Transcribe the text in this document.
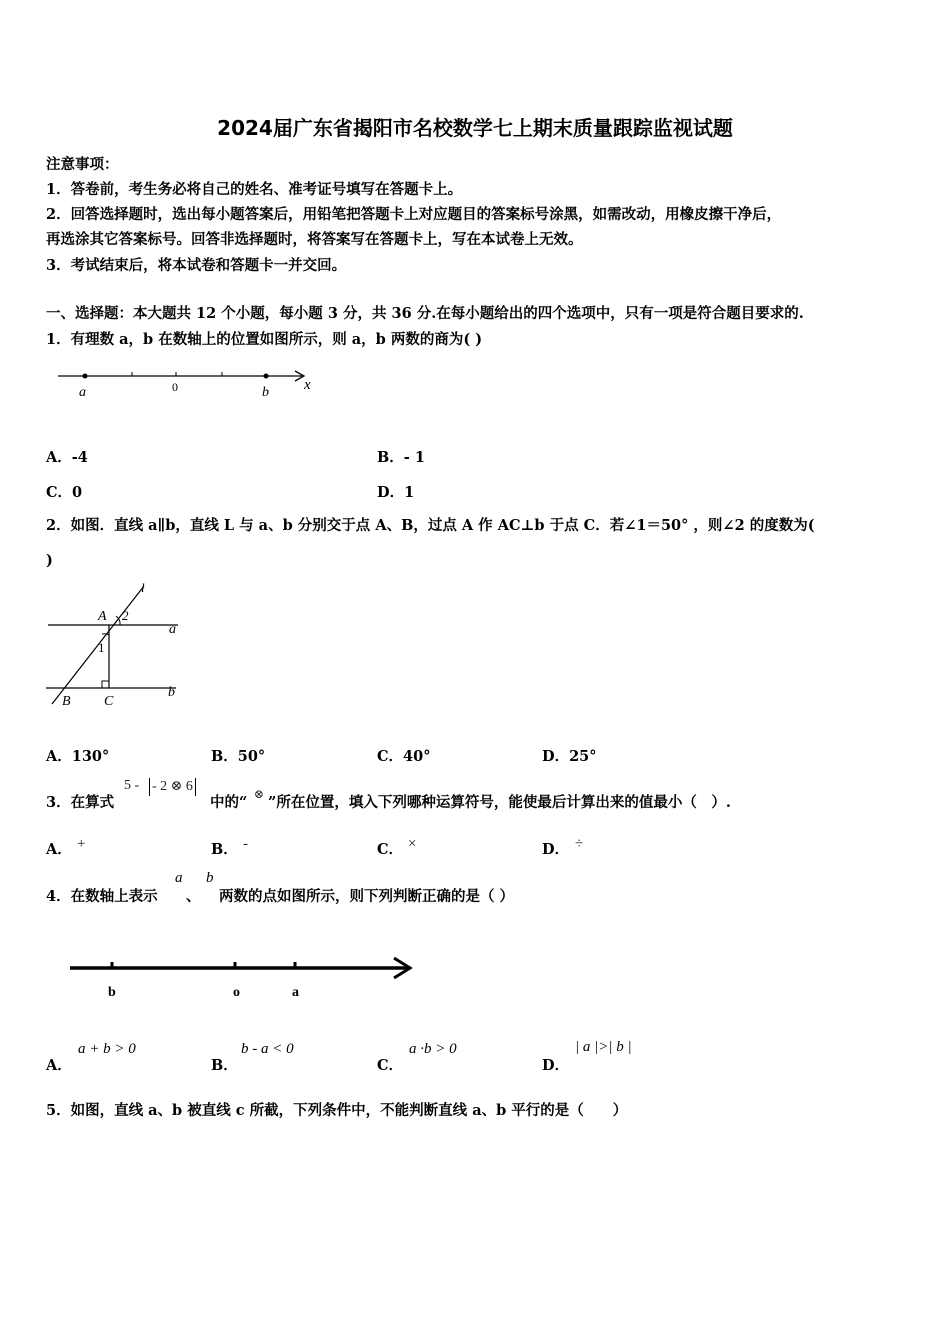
2024届广东省揭阳市名校数学七上期末质量跟踪监视试题
注意事项：
1．答卷前，考生务必将自己的姓名、准考证号填写在答题卡上。
2．回答选择题时，选出每小题答案后，用铅笔把答题卡上对应题目的答案标号涂黑，如需改动，用橡皮擦干净后，
再选涂其它答案标号。回答非选择题时，将答案写在答题卡上，写在本试卷上无效。
3．考试结束后，将本试卷和答题卡一并交回。
一、选择题：本大题共 12 个小题，每小题 3 分，共 36 分.在每小题给出的四个选项中，只有一项是符合题目要求的.
1．有理数 a，b 在数轴上的位置如图所示，则 a，b 两数的商为( )
a	0	b x
A．-4	B．- 1
C．0	D．1
2．如图．直线 a∥b，直线 L 与 a、b 分别交于点 A、B，过点 A 作 AC⊥b 于点 C．若∠1＝50° ，则∠2 的度数为(
)
l
A 2
a
1
B C
b
A．130°	B．50°	C．40°	D．25°
3．在算式
5 - - 2 ⊗ 6
中的“ ⊗ ”所在位置，填入下列哪种运算符号，能使最后计算出来的值最小（　）.
A． +	B． -	C． ×	D． ÷
4．在数轴上表示
a
、
b
两数的点如图所示，则下列判断正确的是（ ）
b	o	a
A．
a + b > 0
B．
b - a < 0
C．
a ·b > 0
D．
| a |>| b |
5．如图，直线 a、b 被直线 c 所截，下列条件中，不能判断直线 a、b 平行的是（　　）
